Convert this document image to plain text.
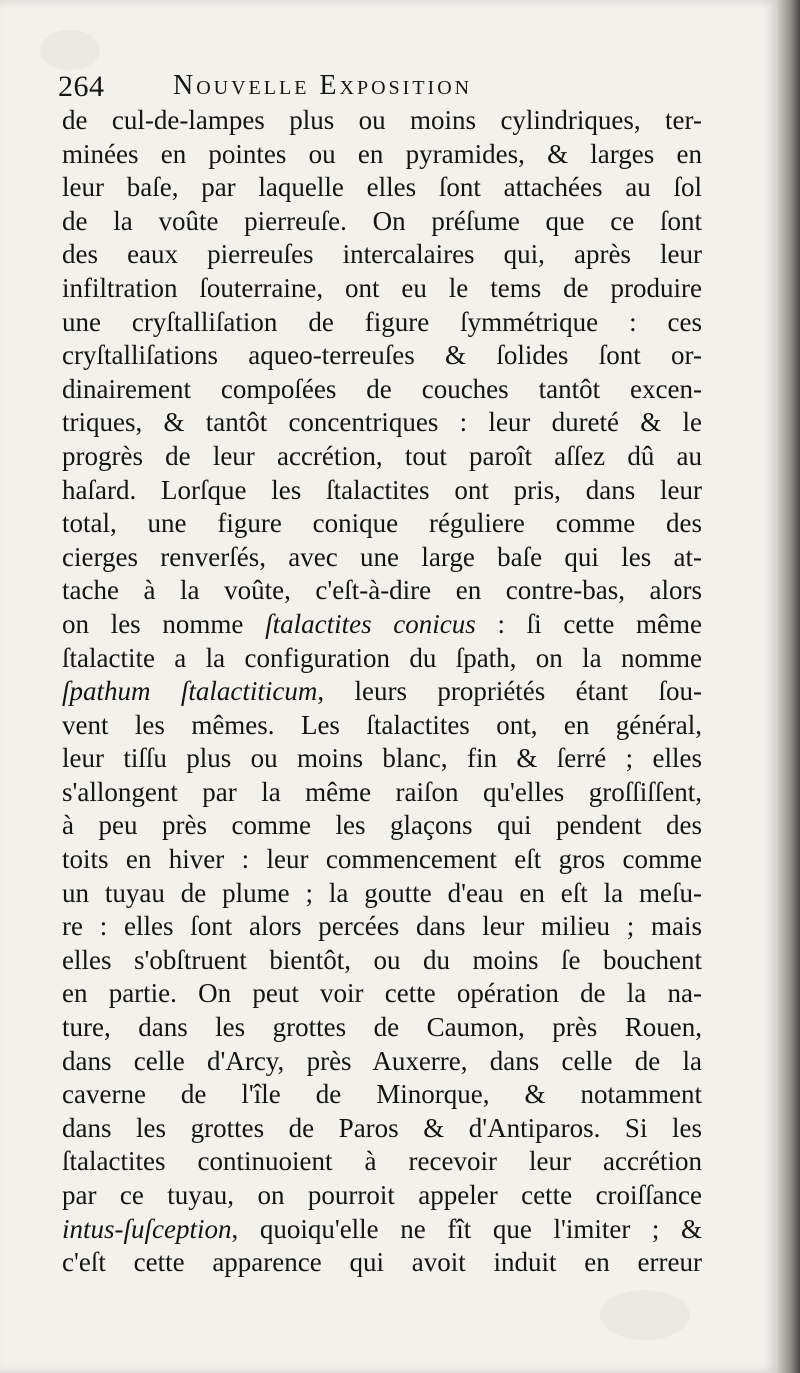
264 Nouvelle Exposition
de cul-de-lampes plus ou moins cylindriques, ter-
minées en pointes ou en pyramides, & larges en
leur baſe, par laquelle elles ſont attachées au ſol
de la voûte pierreuſe. On préſume que ce ſont
des eaux pierreuſes intercalaires qui, après leur
infiltration ſouterraine, ont eu le tems de produire
une cryſtalliſation de figure ſymmétrique : ces
cryſtalliſations aqueo-terreuſes & ſolides ſont or-
dinairement compoſées de couches tantôt excen-
triques, & tantôt concentriques : leur dureté & le
progrès de leur accrétion, tout paroît aſſez dû au
haſard. Lorſque les ſtalactites ont pris, dans leur
total, une figure conique réguliere comme des
cierges renverſés, avec une large baſe qui les at-
tache à la voûte, c'eſt-à-dire en contre-bas, alors
on les nomme ſtalactites conicus : ſi cette même
ſtalactite a la configuration du ſpath, on la nomme
ſpathum ſtalactiticum, leurs propriétés étant ſou-
vent les mêmes. Les ſtalactites ont, en général,
leur tiſſu plus ou moins blanc, fin & ſerré ; elles
s'allongent par la même raiſon qu'elles groſſiſſent,
à peu près comme les glaçons qui pendent des
toits en hiver : leur commencement eſt gros comme
un tuyau de plume ; la goutte d'eau en eſt la meſu-
re : elles ſont alors percées dans leur milieu ; mais
elles s'obſtruent bientôt, ou du moins ſe bouchent
en partie. On peut voir cette opération de la na-
ture, dans les grottes de Caumon, près Rouen,
dans celle d'Arcy, près Auxerre, dans celle de la
caverne de l'île de Minorque, & notamment
dans les grottes de Paros & d'Antiparos. Si les
ſtalactites continuoient à recevoir leur accrétion
par ce tuyau, on pourroit appeler cette croiſſance
intus-ſuſception, quoiqu'elle ne fît que l'imiter ; &
c'eſt cette apparence qui avoit induit en erreur
